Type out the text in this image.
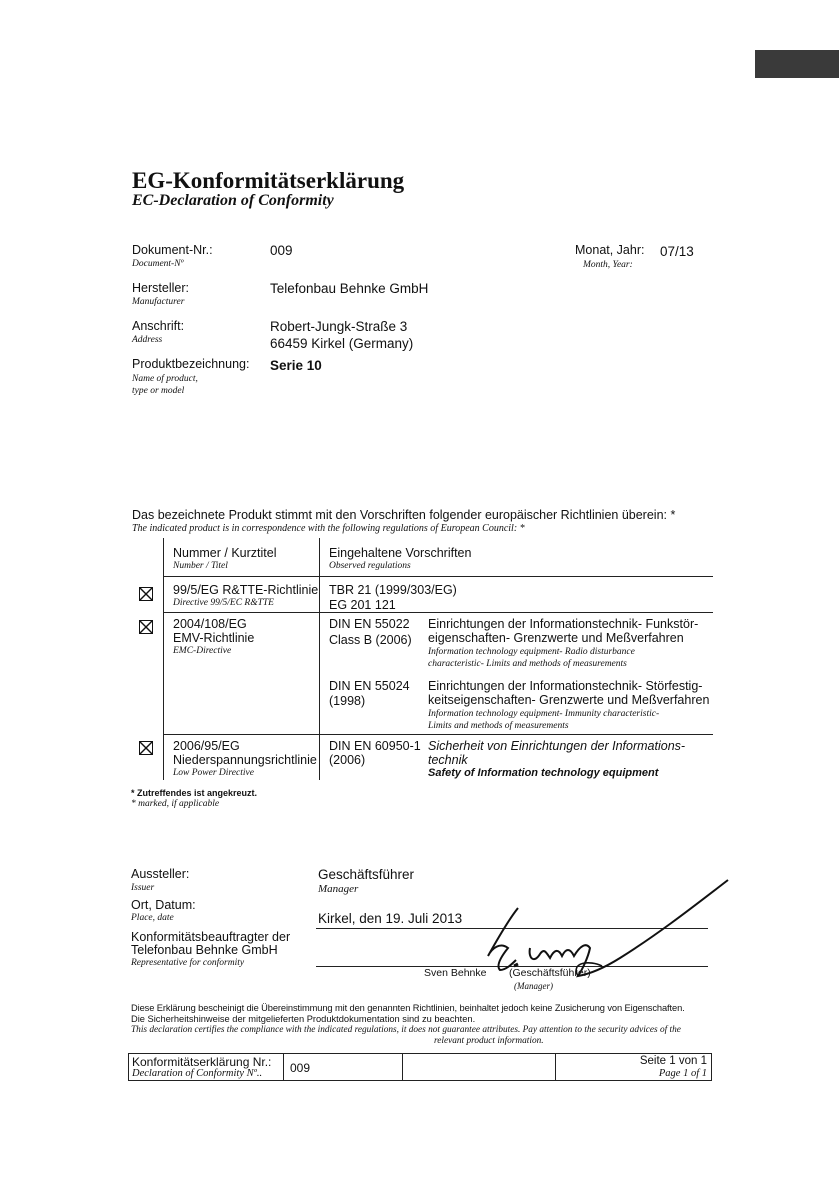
EG-Konformitätserklärung
EC-Declaration of Conformity
Dokument-Nr.:
Document-Nº
009	Monat, Jahr:
Month, Year:
07/13
Hersteller:
Manufacturer
Telefonbau Behnke GmbH
Anschrift:
Address
Robert-Jungk-Straße 3
66459 Kirkel (Germany)
Produktbezeichnung:
Name of product,
type or model
Serie 10
Das bezeichnete Produkt stimmt mit den Vorschriften folgender europäischer Richtlinien überein: *
The indicated product is in correspondence with the following regulations of European Council: *
Nummer / Kurztitel
Number / Titel
Eingehaltene Vorschriften
Observed regulations
99/5/EG R&TTE-Richtlinie
Directive 99/5/EC R&TTE
TBR 21 (1999/303/EG)
EG 201 121
2004/108/EG
EMV-Richtlinie
EMC-Directive
DIN EN 55022
Class B (2006)
Einrichtungen der Informationstechnik- Funkstör-
eigenschaften- Grenzwerte und Meßverfahren
Information technology equipment- Radio disturbance
characteristic- Limits and methods of measurements
DIN EN 55024
(1998)
Einrichtungen der Informationstechnik- Störfestig-
keitseigenschaften- Grenzwerte und Meßverfahren
Information technology equipment- Immunity characteristic-
Limits and methods of measurements
2006/95/EG
Niederspannungsrichtlinie
Low Power Directive
DIN EN 60950-1
(2006)
Sicherheit von Einrichtungen der Informations-
technik
Safety of Information technology equipment
* Zutreffendes ist angekreuzt.
* marked, if applicable
Aussteller:
Issuer
Geschäftsführer
Manager
Ort, Datum:
Place, date	Kirkel, den 19. Juli 2013
Konformitätsbeauftragter der
Telefonbau Behnke GmbH
Representative for conformity
Sven Behnke (Geschäftsführer)
(Manager)
Diese Erklärung bescheinigt die Übereinstimmung mit den genannten Richtlinien, beinhaltet jedoch keine Zusicherung von Eigenschaften.
Die Sicherheitshinweise der mitgelieferten Produktdokumentation sind zu beachten.
This declaration certifies the compliance with the indicated regulations, it does not guarantee attributes. Pay attention to the security advices of the
relevant product information.
Konformitätserklärung Nr.:
Declaration of Conformity Nº.. 009	Seite 1 von 1
Page 1 of 1
